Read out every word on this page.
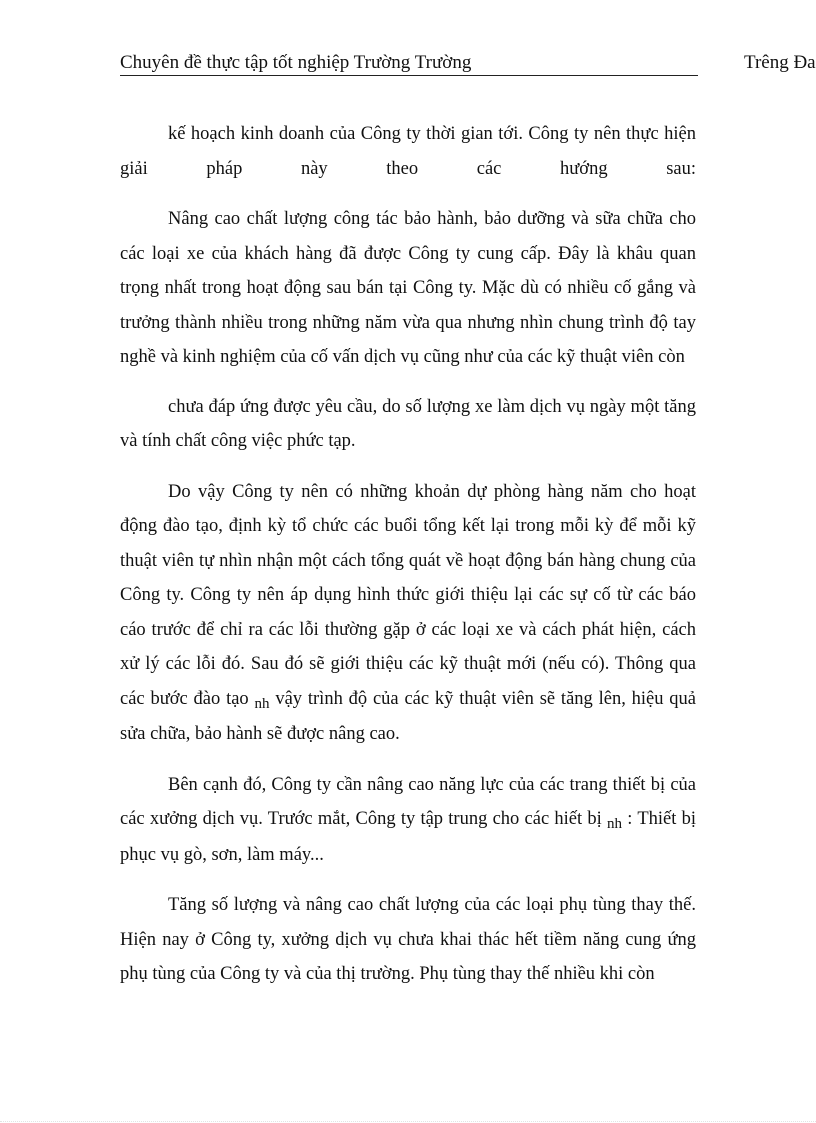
Chuyên đề thực tập tốt nghiệp Trường Trường	Trêng Đa

kế hoạch kinh doanh của Công ty thời gian tới. Công ty nên thực hiện giải pháp này theo các hướng sau:

Nâng cao chất lượng công tác bảo hành, bảo dưỡng và sữa chữa cho các loại xe của khách hàng đã được Công ty cung cấp. Đây là khâu quan trọng nhất trong hoạt động sau bán tại Công ty. Mặc dù có nhiều cố gắng và trưởng thành nhiều trong những năm vừa qua nhưng nhìn chung trình độ tay nghề và kinh nghiệm của cố vấn dịch vụ cũng như của các kỹ thuật viên còn

chưa đáp ứng được yêu cầu, do số lượng xe làm dịch vụ ngày một tăng và tính chất công việc phức tạp.

Do vậy Công ty nên có những khoản dự phòng hàng năm cho hoạt động đào tạo, định kỳ tổ chức các buổi tổng kết lại trong mỗi kỳ để mỗi kỹ thuật viên tự nhìn nhận một cách tổng quát về hoạt động bán hàng chung của Công ty. Công ty nên áp dụng hình thức giới thiệu lại các sự cố từ các báo cáo trước để chỉ ra các lỗi thường gặp ở các loại xe và cách phát hiện, cách xử lý các lỗi đó. Sau đó sẽ giới thiệu các kỹ thuật mới (nếu có). Thông qua các bước đào tạo $_{nh}$ vậy trình độ của các kỹ thuật viên sẽ tăng lên, hiệu quả sửa chữa, bảo hành sẽ được nâng cao.

Bên cạnh đó, Công ty cần nâng cao năng lực của các trang thiết bị của các xưởng dịch vụ. Trước mắt, Công ty tập trung cho các hiết bị $_{nh}$ : Thiết bị phục vụ gò, sơn, làm máy...

Tăng số lượng và nâng cao chất lượng của các loại phụ tùng thay thế. Hiện nay ở Công ty, xưởng dịch vụ chưa khai thác hết tiềm năng cung ứng phụ tùng của Công ty và của thị trường. Phụ tùng thay thế nhiều khi còn
